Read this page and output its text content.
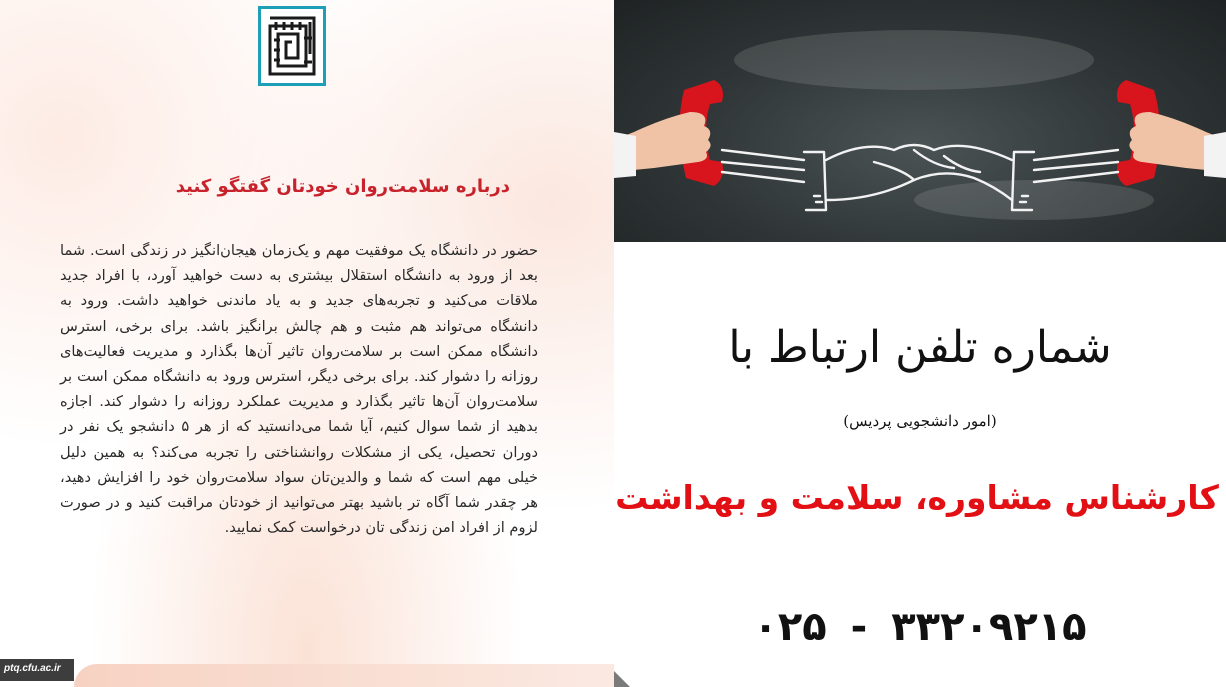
درباره سلامت‌روان خودتان گفتگو کنید
حضور در دانشگاه یک موفقیت مهم و یک‌زمان هیجان‌انگیز در زندگی است. شما بعد از ورود به دانشگاه استقلال بیشتری به دست خواهید آورد، با افراد جدید ملاقات می‌کنید و تجربه‌های جدید و به یاد ماندنی خواهید داشت. ورود به دانشگاه می‌تواند هم مثبت و هم چالش برانگیز باشد. برای برخی، استرس دانشگاه ممکن است بر سلامت‌روان تاثیر آن‌ها بگذارد و مدیریت فعالیت‌های روزانه را دشوار کند. برای برخی دیگر، استرس ورود به دانشگاه ممکن است بر سلامت‌روان آن‌ها تاثیر بگذارد و مدیریت عملکرد روزانه را دشوار کند. اجازه بدهید از شما سوال کنیم، آیا شما می‌دانستید که از هر ۵ دانشجو یک نفر در دوران تحصیل، یکی از مشکلات روانشناختی را تجربه می‌کند؟ به همین دلیل خیلی مهم است که شما و والدین‌تان سواد سلامت‌روان خود را افزایش دهید، هر چقدر شما آگاه تر باشید بهتر می‌توانید از خودتان مراقبت کنید و در صورت لزوم از افراد امن زندگی تان درخواست کمک نمایید.
ptq.cfu.ac.ir
شماره تلفن ارتباط با
(امور دانشجویی پردیس)
کارشناس مشاوره، سلامت و بهداشت
۰۲۵ - ۳۳۲۰۹۲۱۵
